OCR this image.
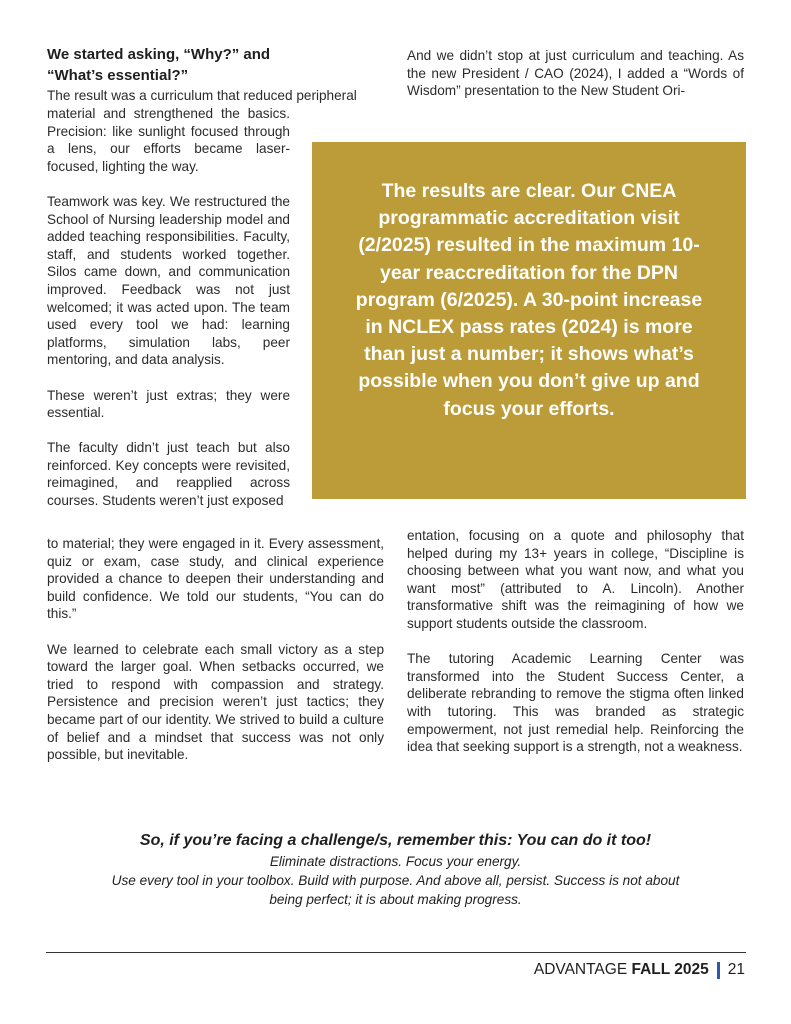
We started asking, “Why?” and
“What’s essential?”
The result was a curriculum that reduced peripheral

material and strengthened the basics. Precision: like sunlight focused through a lens, our efforts became laser-focused, lighting the way.

Teamwork was key. We restructured the School of Nursing leadership model and added teaching responsibilities. Faculty, staff, and students worked together. Silos came down, and communication improved. Feedback was not just welcomed; it was acted upon. The team used every tool we had: learning platforms, simulation labs, peer mentoring, and data analysis.

These weren’t just extras; they were essential.

The faculty didn’t just teach but also reinforced. Key concepts were revisited, reimagined, and reapplied across courses. Students weren’t just exposed

to material; they were engaged in it. Every assessment, quiz or exam, case study, and clinical experience provided a chance to deepen their understanding and build confidence. We told our students, “You can do this.”

We learned to celebrate each small victory as a step toward the larger goal. When setbacks occurred, we tried to respond with compassion and strategy. Persistence and precision weren’t just tactics; they became part of our identity. We strived to build a culture of belief and a mindset that success was not only possible, but inevitable.

And we didn’t stop at just curriculum and teaching. As the new President / CAO (2024), I added a “Words of Wisdom” presentation to the New Student Ori-
The results are clear. Our CNEA programmatic accreditation visit (2/2025) resulted in the maximum 10-year reaccreditation for the DPN program (6/2025). A 30-point increase in NCLEX pass rates (2024) is more than just a number; it shows what’s possible when you don’t give up and focus your efforts.

entation, focusing on a quote and philosophy that helped during my 13+ years in college, “Discipline is choosing between what you want now, and what you want most” (attributed to A. Lincoln). Another transformative shift was the reimagining of how we support students outside the classroom.

The tutoring Academic Learning Center was transformed into the Student Success Center, a deliberate rebranding to remove the stigma often linked with tutoring. This was branded as strategic empowerment, not just remedial help. Reinforcing the idea that seeking support is a strength, not a weakness.

So, if you’re facing a challenge/s, remember this: You can do it too!
Eliminate distractions. Focus your energy.
Use every tool in your toolbox. Build with purpose. And above all, persist. Success is not about being perfect; it is about making progress.
ADVANTAGE FALL 2025 21
